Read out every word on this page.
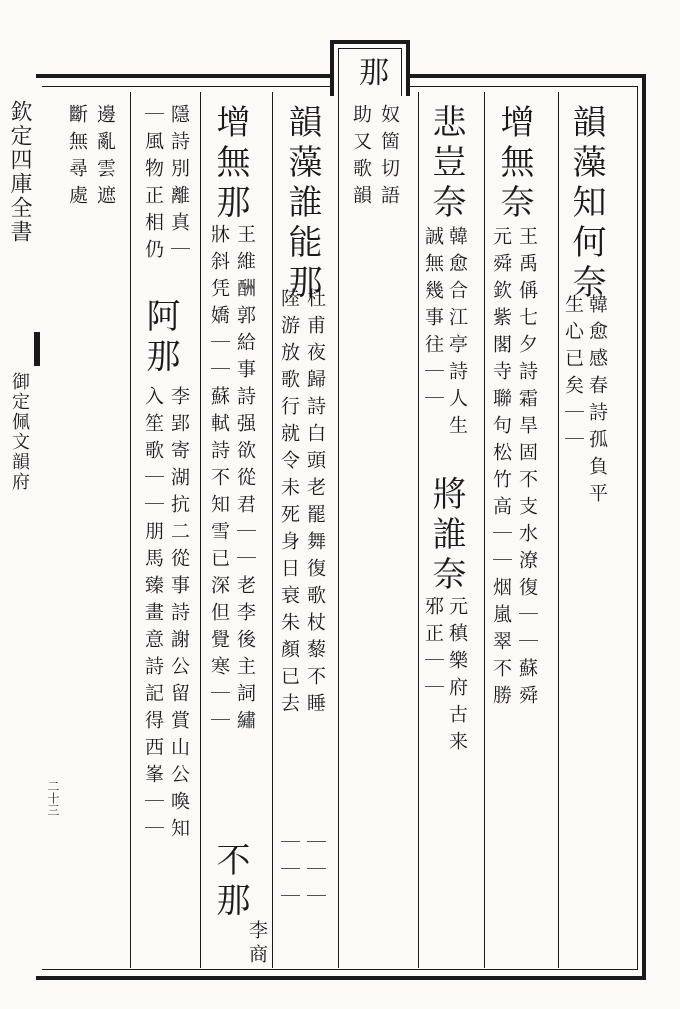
欽定四庫全書
御定佩文韻府
二十三
那
韻藻知何奈
韓愈感春詩孤負平
生心已矣｜｜
增無奈
王禹偁七夕詩霜旱固不支水潦復｜｜蘇舜
元舜欽紫閣寺聯句松竹高｜｜烟嵐翠不勝
悲豈奈
韓愈合江亭詩人生
誠無幾事往｜｜
將誰奈
元稹樂府古来
邪正｜｜
奴箇切語
助又歌韻
韻藻誰能那
杜甫夜歸詩白頭老罷舞復歌杖藜不睡
陸游放歌行就令未死身日衰朱顏已去
｜｜｜
｜｜｜
增無那
王維酬郭給事詩强欲從君｜｜老李後主詞繡
牀斜凭嬌｜｜蘇軾詩不知雪已深但覺寒｜｜
不那
李
商
隱詩別離真｜
｜風物正相仍
阿那
李郢寄湖抗二從事詩謝公留賞山公喚知
入笙歌｜｜朋馬臻畫意詩記得西峯｜｜
邊亂雲遮
斷無尋處
